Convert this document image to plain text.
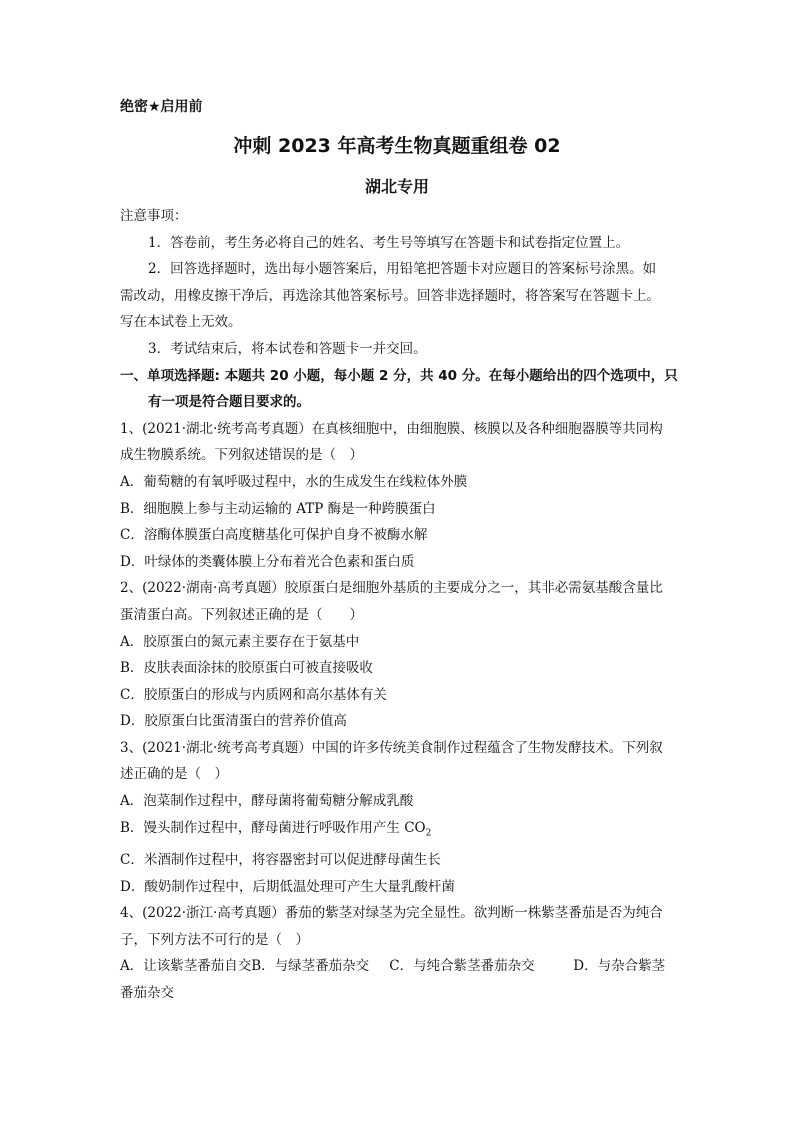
绝密★启用前
冲刺 2023 年高考生物真题重组卷 02
湖北专用
注意事项：
1．答卷前，考生务必将自己的姓名、考生号等填写在答题卡和试卷指定位置上。
2．回答选择题时，选出每小题答案后，用铅笔把答题卡对应题目的答案标号涂黑。如
需改动，用橡皮擦干净后，再选涂其他答案标号。回答非选择题时，将答案写在答题卡上。
写在本试卷上无效。
3．考试结束后，将本试卷和答题卡一并交回。
一、单项选择题: 本题共 20 小题，每小题 2 分，共 40 分。在每小题给出的四个选项中，只
有一项是符合题目要求的。
1、(2021·湖北·统考高考真题）在真核细胞中，由细胞膜、核膜以及各种细胞器膜等共同构
成生物膜系统。下列叙述错误的是（　）
A．葡萄糖的有氧呼吸过程中，水的生成发生在线粒体外膜
B．细胞膜上参与主动运输的 ATP 酶是一种跨膜蛋白
C．溶酶体膜蛋白高度糖基化可保护自身不被酶水解
D．叶绿体的类囊体膜上分布着光合色素和蛋白质
2、(2022·湖南·高考真题）胶原蛋白是细胞外基质的主要成分之一，其非必需氨基酸含量比
蛋清蛋白高。下列叙述正确的是（　　）
A．胶原蛋白的氮元素主要存在于氨基中
B．皮肤表面涂抹的胶原蛋白可被直接吸收
C．胶原蛋白的形成与内质网和高尔基体有关
D．胶原蛋白比蛋清蛋白的营养价值高
3、(2021·湖北·统考高考真题）中国的许多传统美食制作过程蕴含了生物发酵技术。下列叙
述正确的是（　）
A．泡菜制作过程中，酵母菌将葡萄糖分解成乳酸
B．馒头制作过程中，酵母菌进行呼吸作用产生 $CO_2$
C．米酒制作过程中，将容器密封可以促进酵母菌生长
D．酸奶制作过程中，后期低温处理可产生大量乳酸杆菌
4、(2022·浙江·高考真题）番茄的紫茎对绿茎为完全显性。欲判断一株紫茎番茄是否为纯合
子，下列方法不可行的是（　）
A．让该紫茎番茄自交B．与绿茎番茄杂交 C．与纯合紫茎番茄杂交	D．与杂合紫茎
番茄杂交
